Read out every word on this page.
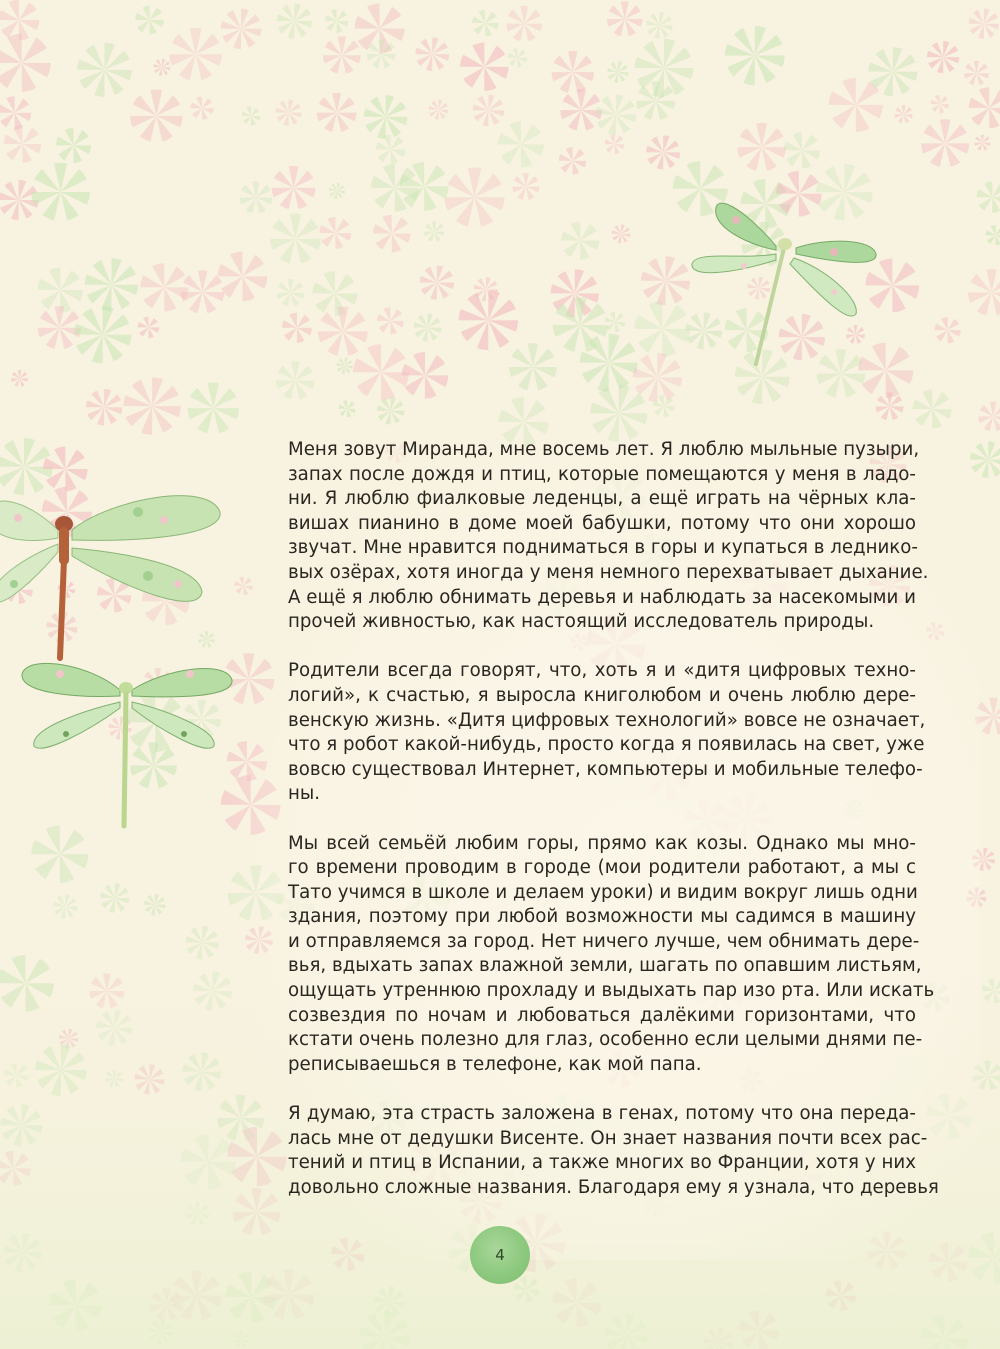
Меня зовут Миранда, мне восемь лет. Я люблю мыльные пузыри,
запах после дождя и птиц, которые помещаются у меня в ладо-
ни. Я люблю фиалковые леденцы, а ещё играть на чёрных кла-
вишах пианино в доме моей бабушки, потому что они хорошо
звучат. Мне нравится подниматься в горы и купаться в леднико-
вых озёрах, хотя иногда у меня немного перехватывает дыхание.
А ещё я люблю обнимать деревья и наблюдать за насекомыми и
прочей живностью, как настоящий исследователь природы.

Родители всегда говорят, что, хоть я и «дитя цифровых техно-
логий», к счастью, я выросла книголюбом и очень люблю дере-
венскую жизнь. «Дитя цифровых технологий» вовсе не означает,
что я робот какой-нибудь, просто когда я появилась на свет, уже
вовсю существовал Интернет, компьютеры и мобильные телефо-
ны.

Мы всей семьёй любим горы, прямо как козы. Однако мы мно-
го времени проводим в городе (мои родители работают, а мы с
Тато учимся в школе и делаем уроки) и видим вокруг лишь одни
здания, поэтому при любой возможности мы садимся в машину
и отправляемся за город. Нет ничего лучше, чем обнимать дере-
вья, вдыхать запах влажной земли, шагать по опавшим листьям,
ощущать утреннюю прохладу и выдыхать пар изо рта. Или искать
созвездия по ночам и любоваться далёкими горизонтами, что
кстати очень полезно для глаз, особенно если целыми днями пе-
реписываешься в телефоне, как мой папа.

Я думаю, эта страсть заложена в генах, потому что она переда-
лась мне от дедушки Висенте. Он знает названия почти всех рас-
тений и птиц в Испании, а также многих во Франции, хотя у них
довольно сложные названия. Благодаря ему я узнала, что деревья

4
